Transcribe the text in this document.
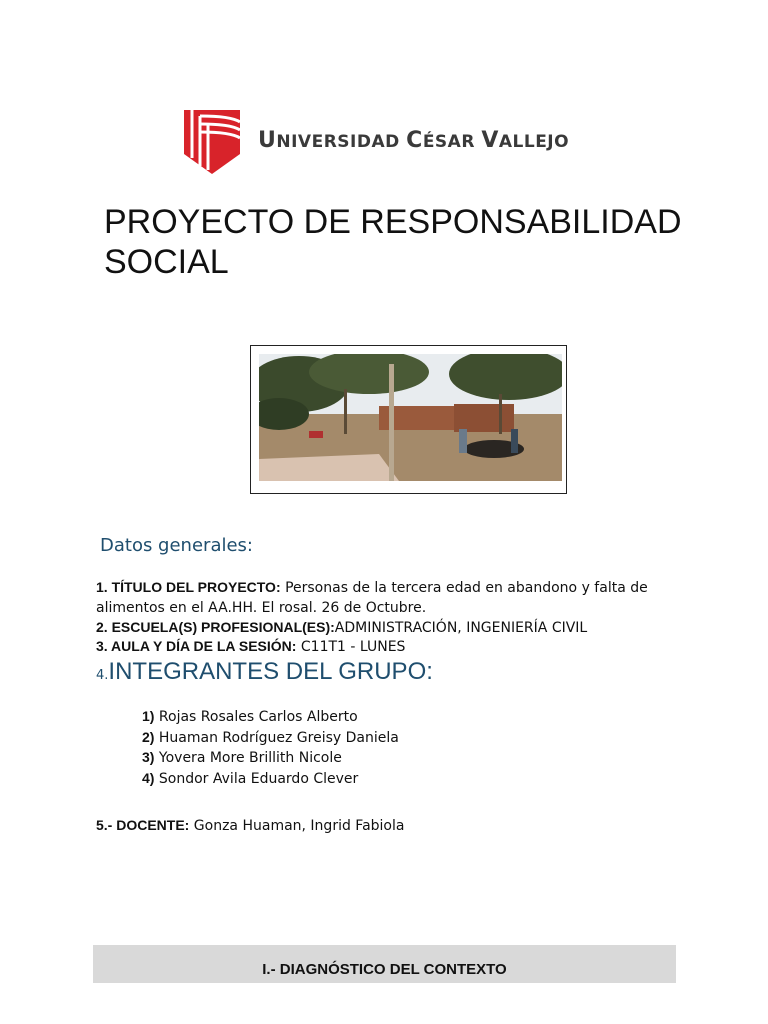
UNIVERSIDAD CÉSAR VALLEJO
PROYECTO DE RESPONSABILIDAD SOCIAL
Datos generales:
1. TÍTULO DEL PROYECTO: Personas de la tercera edad en abandono y falta de alimentos en el AA.HH. El rosal. 26 de Octubre.
2. ESCUELA(S) PROFESIONAL(ES):ADMINISTRACIÓN, INGENIERÍA CIVIL
3. AULA Y DÍA DE LA SESIÓN: C11T1 - LUNES
4.INTEGRANTES DEL GRUPO:
1) Rojas Rosales Carlos Alberto
2) Huaman Rodríguez Greisy Daniela
3) Yovera More Brillith Nicole
4) Sondor Avila Eduardo Clever
5.- DOCENTE: Gonza Huaman, Ingrid Fabiola
I.- DIAGNÓSTICO DEL CONTEXTO
